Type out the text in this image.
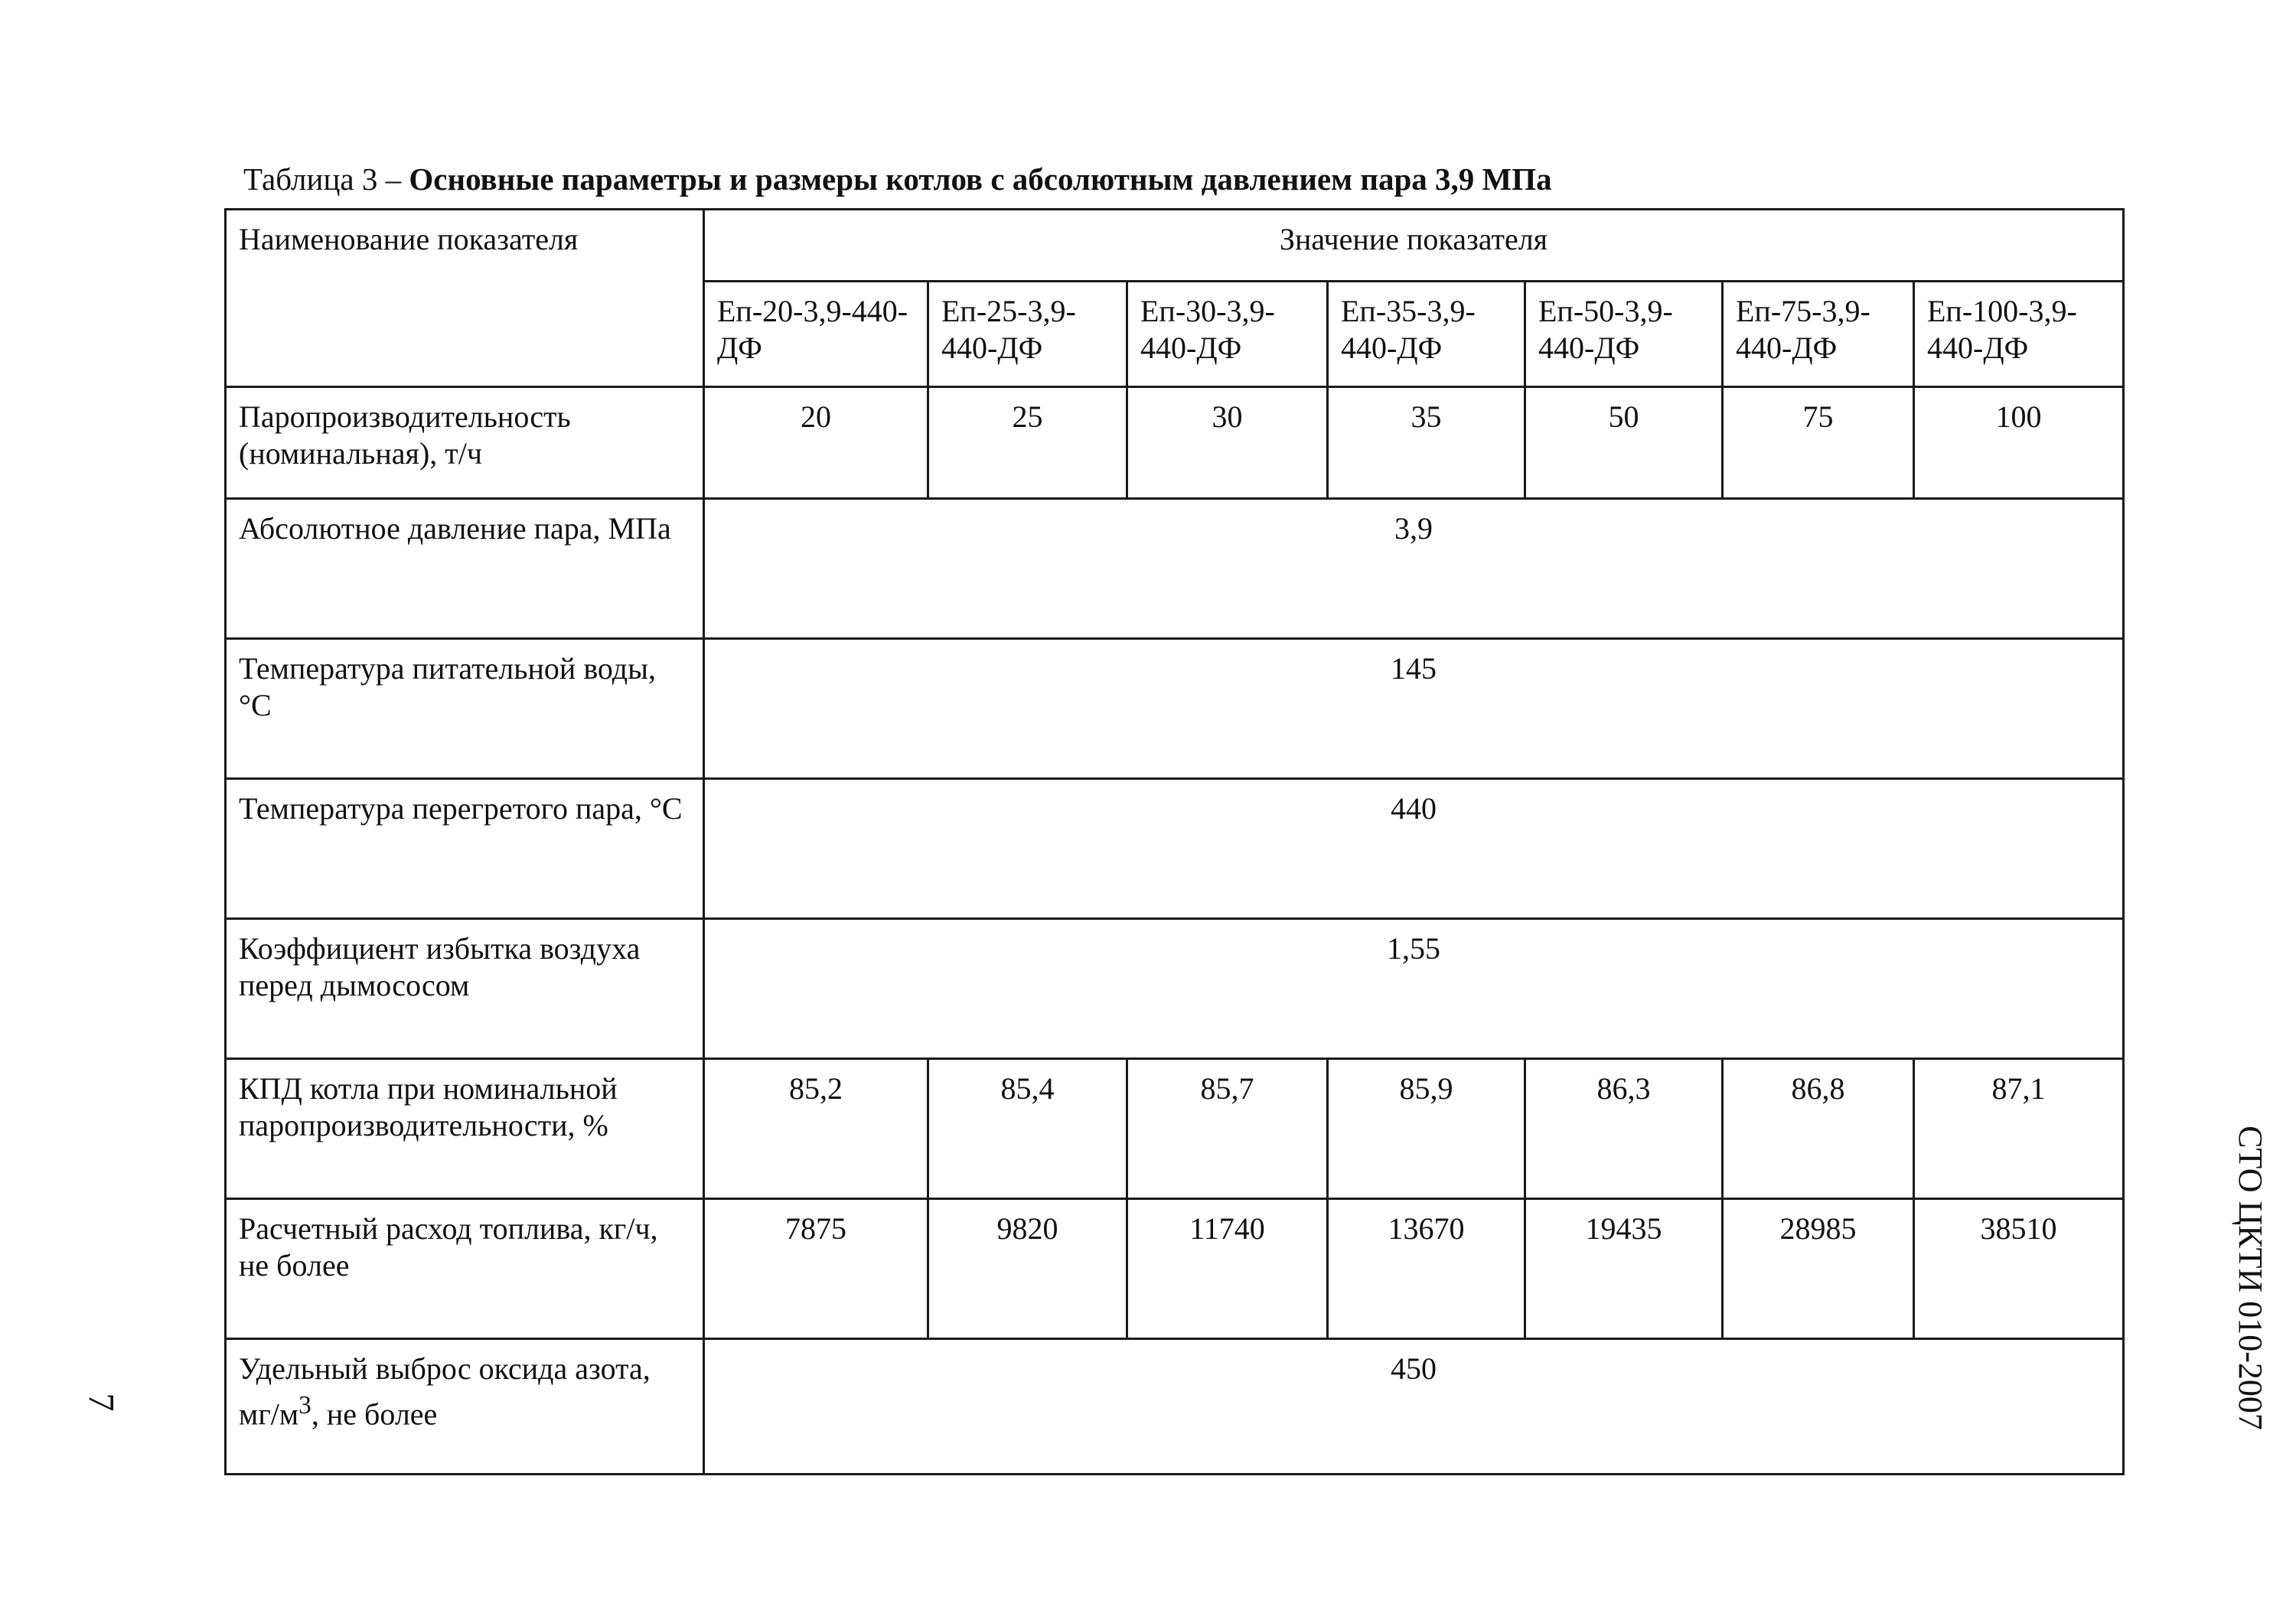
Таблица 3 – Основные параметры и размеры котлов с абсолютным давлением пара 3,9 МПа
Наименование показателя	Значение показателя						
	Еп-20-3,9-440-ДФ	Еп-25-3,9-440-ДФ	Еп-30-3,9-440-ДФ	Еп-35-3,9-440-ДФ	Еп-50-3,9-440-ДФ	Еп-75-3,9-440-ДФ	Еп-100-3,9-440-ДФ
Паропроизводительность (номинальная), т/ч	20	25	30	35	50	75	100
Абсолютное давление пара, МПа	3,9						
Температура питательной воды, °С	145						
Температура перегретого пара, °С	440						
Коэффициент избытка воздуха перед дымососом	1,55						
КПД котла при номинальной паропроизводительности, %	85,2	85,4	85,7	85,9	86,3	86,8	87,1
Расчетный расход топлива, кг/ч, не более	7875	9820	11740	13670	19435	28985	38510
Удельный выброс оксида азота, $мг/м^3$, не более	450						
7	СТО ЦКТИ 010-2007
